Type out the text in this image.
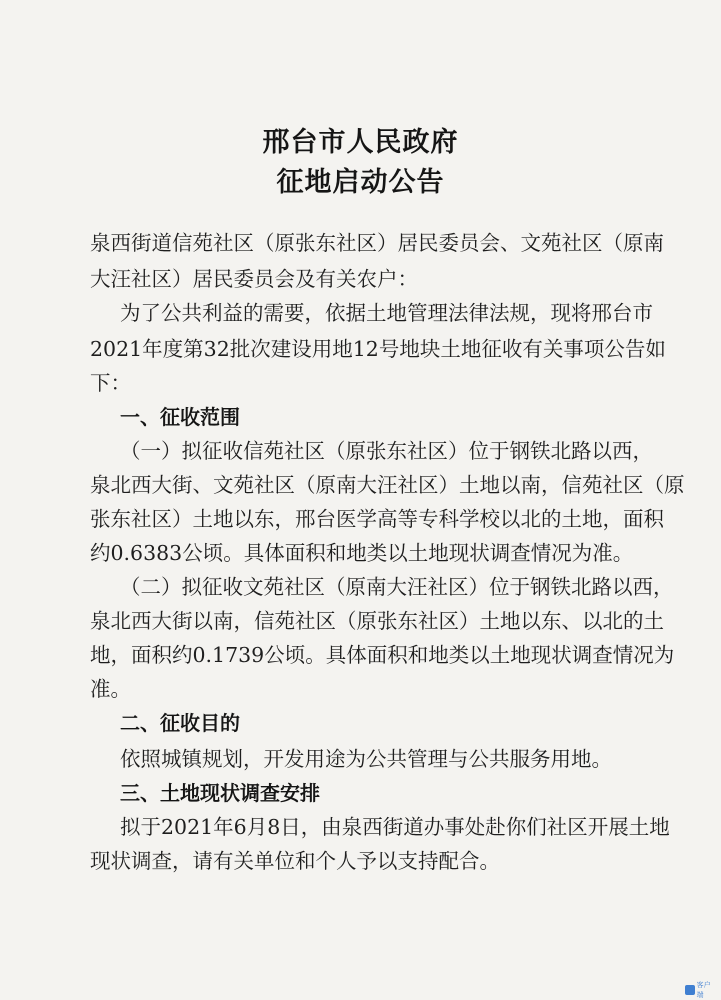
邢台市人民政府
征地启动公告
泉西街道信苑社区（原张东社区）居民委员会、文苑社区（原南
大汪社区）居民委员会及有关农户：
为了公共利益的需要，依据土地管理法律法规，现将邢台市
2021年度第32批次建设用地12号地块土地征收有关事项公告如
下：
一、征收范围
（一）拟征收信苑社区（原张东社区）位于钢铁北路以西，
泉北西大街、文苑社区（原南大汪社区）土地以南，信苑社区（原
张东社区）土地以东，邢台医学高等专科学校以北的土地，面积
约0.6383公顷。具体面积和地类以土地现状调查情况为准。
（二）拟征收文苑社区（原南大汪社区）位于钢铁北路以西，
泉北西大街以南，信苑社区（原张东社区）土地以东、以北的土
地，面积约0.1739公顷。具体面积和地类以土地现状调查情况为
准。
二、征收目的
依照城镇规划，开发用途为公共管理与公共服务用地。
三、土地现状调查安排
拟于2021年6月8日，由泉西街道办事处赴你们社区开展土地
现状调查，请有关单位和个人予以支持配合。
客户端
